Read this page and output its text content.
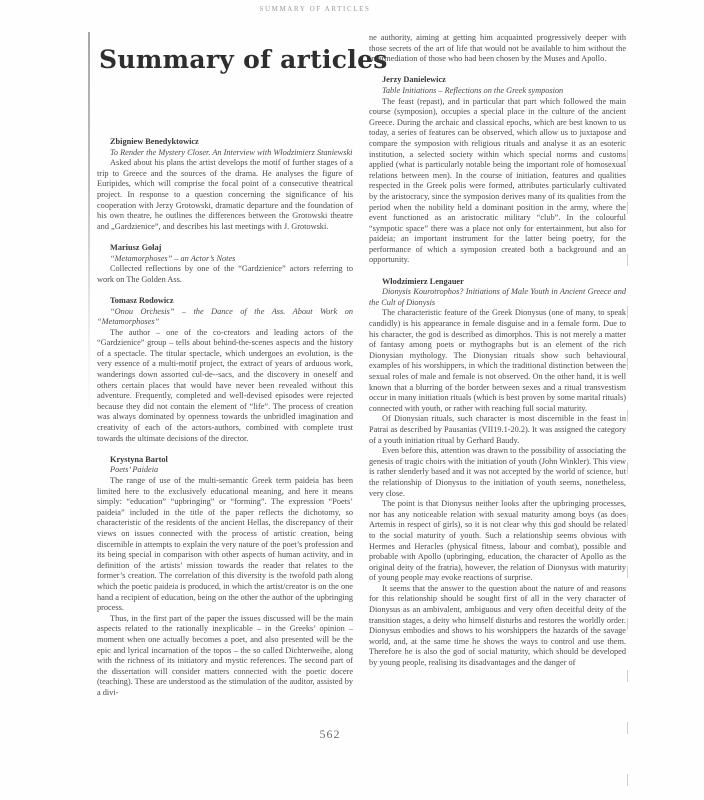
SUMMARY OF ARTICLES
Summary of articles

Zbigniew Benedyktowicz

To Render the Mystery Closer. An Interview with Włodzimierz Staniewski

Asked about his plans the artist develops the motif of further stages of a trip to Greece and the sources of the drama. He analyses the figure of Euripides, which will comprise the focal point of a consecutive theatrical project. In response to a question concerning the significance of his cooperation with Jerzy Grotowski, dramatic departure and the foundation of his own theatre, he outlines the differences between the Grotowski theatre and „Gardzienice”, and describes his last meetings with J. Grotowski.

Mariusz Gołaj

“Metamorphoses” – an Actor’s Notes

Collected reflections by one of the “Gardzienice” actors referring to work on The Golden Ass.

Tomasz Rodowicz

“Onou Orchesis” – the Dance of the Ass. About Work on “Metamorphoses”

The author – one of the co-creators and leading actors of the “Gardzienice” group – tells about behind-the-scenes aspects and the history of a spectacle. The titular spectacle, which undergoes an evolution, is the very essence of a multi-motif project, the extract of years of arduous work, wanderings down assorted cul-de--sacs, and the discovery in oneself and others certain places that would have never been revealed without this adventure. Frequently, completed and well-devised episodes were rejected because they did not contain the element of “life”. The process of creation was always dominated by openness towards the unbridled imagination and creativity of each of the actors-authors, combined with complete trust towards the ultimate decisions of the director.

Krystyna Bartol

Poets’ Paideia

The range of use of the multi-semantic Greek term paideia has been limited here to the exclusively educational meaning, and here it means simply: “education” “upbringing” or “forming”. The expression “Poets’ paideia” included in the title of the paper reflects the dichotomy, so characteristic of the residents of the ancient Hellas, the discrepancy of their views on issues connected with the process of artistic creation, being discernible in attempts to explain the very nature of the poet’s profession and its being special in comparison with other aspects of human activity, and in definition of the artists’ mission towards the reader that relates to the former’s creation. The correlation of this diversity is the twofold path along which the poetic paideia is produced, in which the artist/creator is on the one hand a recipient of education, being on the other the author of the upbringing process.

Thus, in the first part of the paper the issues discussed will be the main aspects related to the rationally inexplicable – in the Greeks’ opinion – moment when one actually becomes a poet, and also presented will be the epic and lyrical incarnation of the topos – the so called Dichterweihe, along with the richness of its initiatory and mystic references. The second part of the dissertation will consider matters connected with the poetic docere (teaching). These are understood as the stimulation of the auditor, assisted by a divi-

ne authority, aiming at getting him acquainted progressively deeper with those secrets of the art of life that would not be available to him without the intermediation of those who had been chosen by the Muses and Apollo.

Jerzy Danielewicz

Table Initiations – Reflections on the Greek symposion

The feast (repast), and in particular that part which followed the main course (symposion), occupies a special place in the culture of the ancient Greece. During the archaic and classical epochs, which are best known to us today, a series of features can be observed, which allow us to juxtapose and compare the symposion with religious rituals and analyse it as an esoteric institution, a selected society within which special norms and customs applied (what is particularly notable being the important role of homosexual relations between men). In the course of initiation, features and qualities respected in the Greek polis were formed, attributes particularly cultivated by the aristocracy, since the symposion derives many of its qualities from the period when the nobility held a dominant position in the army, where the event functioned as an aristocratic military “club”. In the colourful “sympotic space” there was a place not only for entertainment, but also for paideia; an important instrument for the latter being poetry, for the performance of which a symposion created both a background and an opportunity.

Włodzimierz Lengauer

Dionysis Kourotrophos? Initiations of Male Youth in Ancient Greece and the Cult of Dionysis

The characteristic feature of the Greek Dionysus (one of many, to speak candidly) is his appearance in female disguise and in a female form. Due to his character, the god is described as dimorphos. This is not merely a matter of fantasy among poets or mythographs but is an element of the rich Dionysian mythology. The Dionysian rituals show such behavioural examples of his worshippers, in which the traditional distinction between the sexual roles of male and female is not observed. On the other hand, it is well known that a blurring of the border between sexes and a ritual transvestism occur in many initiation rituals (which is best proven by some marital rituals) connected with youth, or rather with reaching full social maturity.

Of Dionysian rituals, such character is most discernible in the feast in Patrai as described by Pausanias (VII19.1-20.2). It was assigned the category of a youth initiation ritual by Gerhard Baudy.

Even before this, attention was drawn to the possibility of associating the genesis of tragic choirs with the initiation of youth (John Winkler). This view is rather slenderly based and it was not accepted by the world of science, but the relationship of Dionysus to the initiation of youth seems, nonetheless, very close.

The point is that Dionysus neither looks after the upbringing processes, nor has any noticeable relation with sexual maturity among boys (as does Artemis in respect of girls), so it is not clear why this god should be related to the social maturity of youth. Such a relationship seems obvious with Hermes and Heracles (physical fitness, labour and combat), possible and probable with Apollo (upbringing, education, the character of Apollo as the original deity of the fratria), however, the relation of Dionysus with maturity of young people may evoke reactions of surprise.

It seems that the answer to the question about the nature of and reasons for this relationship should be sought first of all in the very character of Dionysus as an ambivalent, ambiguous and very often deceitful deity of the transition stages, a deity who himself disturbs and restores the worldly order. Dionysus embodies and shows to his worshippers the hazards of the savage world, and, at the same time he shows the ways to control and use them. Therefore he is also the god of social maturity, which should be developed by young people, realising its disadvantages and the danger of

562
